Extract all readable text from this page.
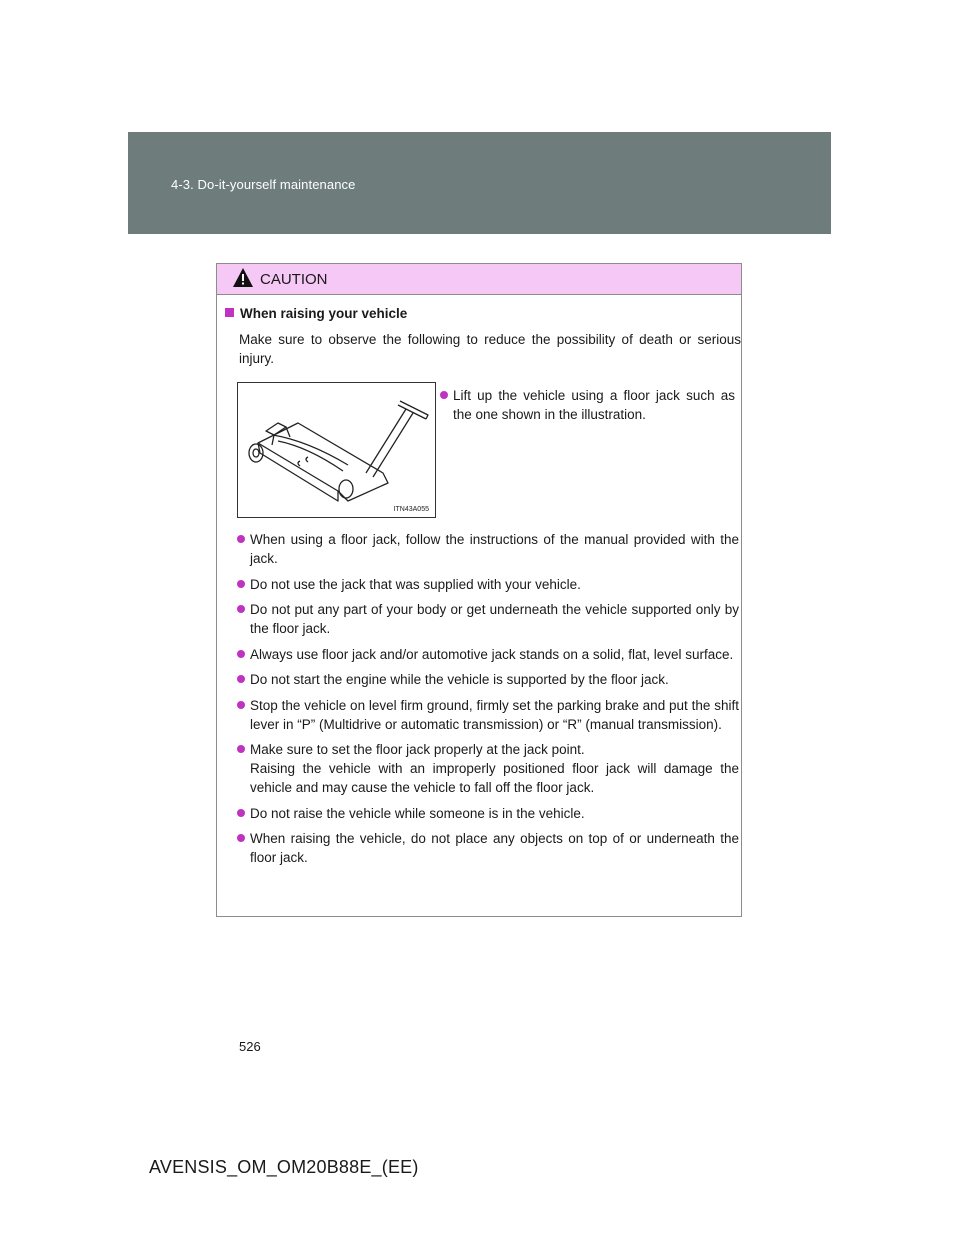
4-3. Do-it-yourself maintenance
CAUTION
When raising your vehicle
Make sure to observe the following to reduce the possibility of death or serious injury.
ITN43A055
Lift up the vehicle using a floor jack such as the one shown in the illustration.
When using a floor jack, follow the instructions of the manual provided with the jack.
Do not use the jack that was supplied with your vehicle.
Do not put any part of your body or get underneath the vehicle supported only by the floor jack.
Always use floor jack and/or automotive jack stands on a solid, flat, level surface.
Do not start the engine while the vehicle is supported by the floor jack.
Stop the vehicle on level firm ground, firmly set the parking brake and put the shift lever in “P” (Multidrive or automatic transmission) or “R” (manual transmission).
Make sure to set the floor jack properly at the jack point.
Raising the vehicle with an improperly positioned floor jack will damage the vehicle and may cause the vehicle to fall off the floor jack.
Do not raise the vehicle while someone is in the vehicle.
When raising the vehicle, do not place any objects on top of or underneath the floor jack.
526
AVENSIS_OM_OM20B88E_(EE)
